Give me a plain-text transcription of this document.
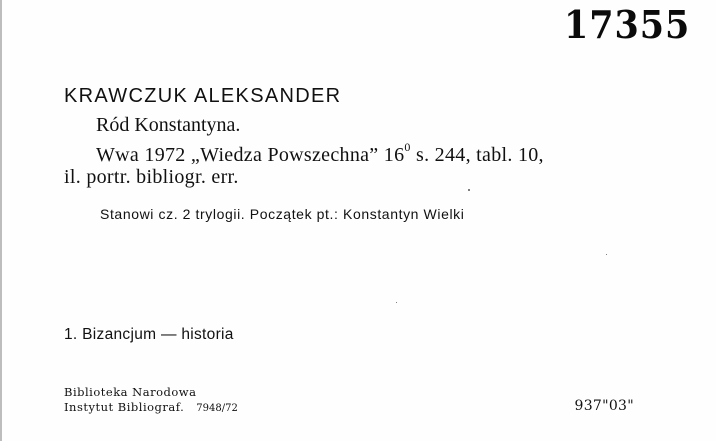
17355
KRAWCZUK ALEKSANDER
Ród Konstantyna.
Wwa 1972 „Wiedza Powszechna” $16^0$ s. 244, tabl. 10,
il. portr. bibliogr. err.
Stanowi cz. 2 trylogii. Początek pt.: Konstantyn Wielki
1. Bizancjum — historia
Biblioteka Narodowa
Instytut Bibliograf. 7948/72	937"03"
